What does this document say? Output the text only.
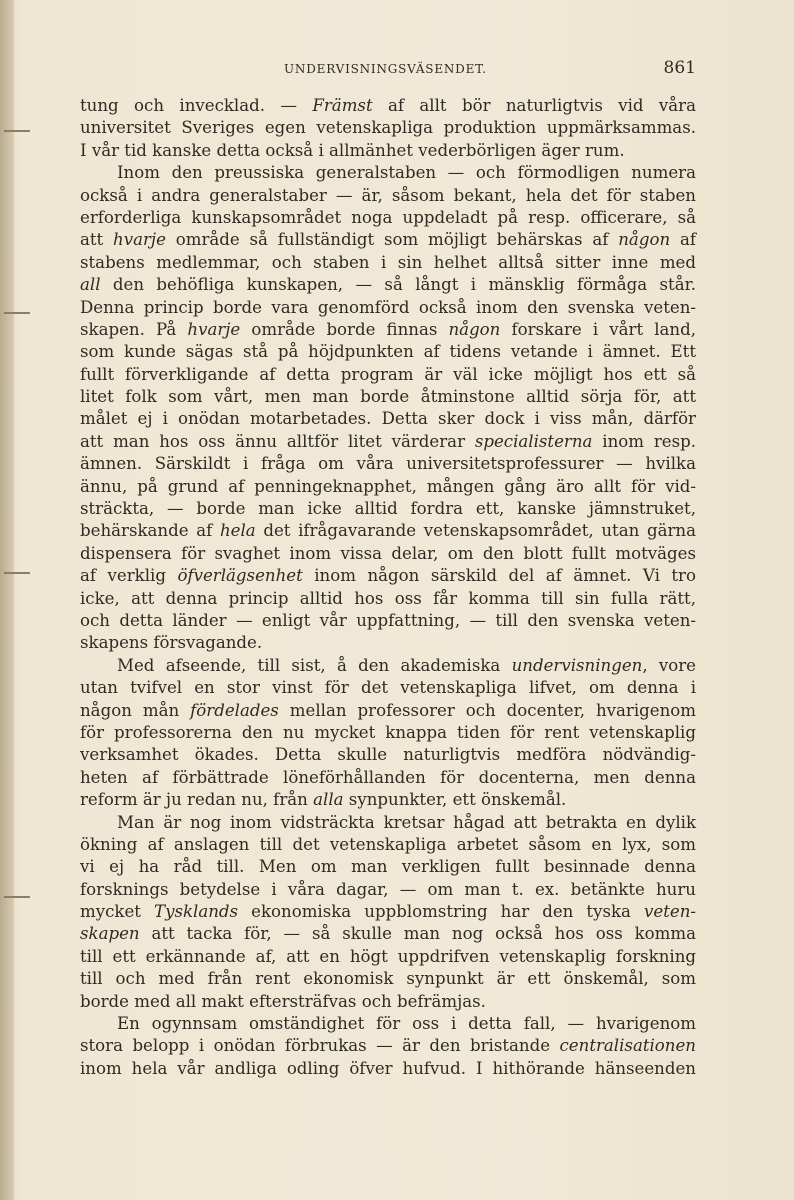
UNDERVISNINGSVÄSENDET.	861
tung och invecklad. — Främst af allt bör naturligtvis vid våra
universitet Sveriges egen vetenskapliga produktion uppmärksammas.
I vår tid kanske detta också i allmänhet vederbörligen äger rum.
Inom den preussiska generalstaben — och förmodligen numera
också i andra generalstaber — är, såsom bekant, hela det för staben
erforderliga kunskapsområdet noga uppdeladt på resp. officerare, så
att hvarje område så fullständigt som möjligt behärskas af någon af
stabens medlemmar, och staben i sin helhet alltså sitter inne med
all den behöfliga kunskapen, — så långt i mänsklig förmåga står.
Denna princip borde vara genomförd också inom den svenska veten-
skapen. På hvarje område borde finnas någon forskare i vårt land,
som kunde sägas stå på höjdpunkten af tidens vetande i ämnet. Ett
fullt förverkligande af detta program är väl icke möjligt hos ett så
litet folk som vårt, men man borde åtminstone alltid sörja för, att
målet ej i onödan motarbetades. Detta sker dock i viss mån, därför
att man hos oss ännu alltför litet värderar specialisterna inom resp.
ämnen. Särskildt i fråga om våra universitetsprofessurer — hvilka
ännu, på grund af penningeknapphet, mången gång äro allt för vid-
sträckta, — borde man icke alltid fordra ett, kanske jämnstruket,
behärskande af hela det ifrågavarande vetenskapsområdet, utan gärna
dispensera för svaghet inom vissa delar, om den blott fullt motväges
af verklig öfverlägsenhet inom någon särskild del af ämnet. Vi tro
icke, att denna princip alltid hos oss får komma till sin fulla rätt,
och detta länder — enligt vår uppfattning, — till den svenska veten-
skapens försvagande.
Med afseende, till sist, å den akademiska undervisningen, vore
utan tvifvel en stor vinst för det vetenskapliga lifvet, om denna i
någon mån fördelades mellan professorer och docenter, hvarigenom
för professorerna den nu mycket knappa tiden för rent vetenskaplig
verksamhet ökades. Detta skulle naturligtvis medföra nödvändig-
heten af förbättrade löneförhållanden för docenterna, men denna
reform är ju redan nu, från alla synpunkter, ett önskemål.
Man är nog inom vidsträckta kretsar hågad att betrakta en dylik
ökning af anslagen till det vetenskapliga arbetet såsom en lyx, som
vi ej ha råd till. Men om man verkligen fullt besinnade denna
forsknings betydelse i våra dagar, — om man t. ex. betänkte huru
mycket Tysklands ekonomiska uppblomstring har den tyska veten-
skapen att tacka för, — så skulle man nog också hos oss komma
till ett erkännande af, att en högt uppdrifven vetenskaplig forskning
till och med från rent ekonomisk synpunkt är ett önskemål, som
borde med all makt eftersträfvas och befrämjas.
En ogynnsam omständighet för oss i detta fall, — hvarigenom
stora belopp i onödan förbrukas — är den bristande centralisationen
inom hela vår andliga odling öfver hufvud. I hithörande hänseenden
